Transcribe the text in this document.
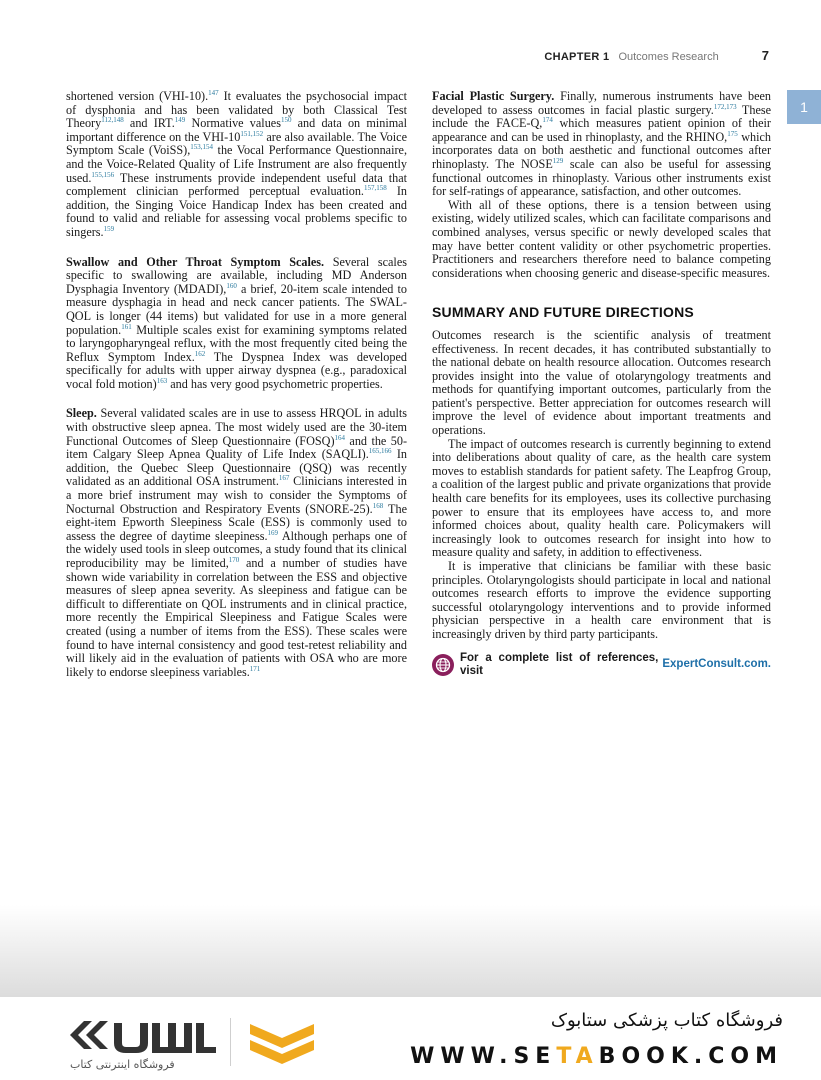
CHAPTER 1 Outcomes Research	7
1

shortened version (VHI-10).$^{147}$ It evaluates the psychosocial impact of dysphonia and has been validated by both Classical Test Theory$^{112,148}$ and IRT.$^{149}$ Normative values$^{150}$ and data on minimal important difference on the VHI-10$^{151,152}$ are also available. The Voice Symptom Scale (VoiSS),$^{153,154}$ the Vocal Performance Questionnaire, and the Voice-Related Quality of Life Instrument are also frequently used.$^{155,156}$ These instruments provide independent useful data that complement clinician performed perceptual evaluation.$^{157,158}$ In addition, the Singing Voice Handicap Index has been created and found to valid and reliable for assessing vocal problems specific to singers.$^{159}$

Swallow and Other Throat Symptom Scales. Several scales specific to swallowing are available, including MD Anderson Dysphagia Inventory (MDADI),$^{160}$ a brief, 20-item scale intended to measure dysphagia in head and neck cancer patients. The SWAL-QOL is longer (44 items) but validated for use in a more general population.$^{161}$ Multiple scales exist for examining symptoms related to laryngopharyngeal reflux, with the most frequently cited being the Reflux Symptom Index.$^{162}$ The Dyspnea Index was developed specifically for adults with upper airway dyspnea (e.g., paradoxical vocal fold motion)$^{163}$ and has very good psychometric properties.

Sleep. Several validated scales are in use to assess HRQOL in adults with obstructive sleep apnea. The most widely used are the 30-item Functional Outcomes of Sleep Questionnaire (FOSQ)$^{164}$ and the 50-item Calgary Sleep Apnea Quality of Life Index (SAQLI).$^{165,166}$ In addition, the Quebec Sleep Questionnaire (QSQ) was recently validated as an additional OSA instrument.$^{167}$ Clinicians interested in a more brief instrument may wish to consider the Symptoms of Nocturnal Obstruction and Respiratory Events (SNORE-25).$^{168}$ The eight-item Epworth Sleepiness Scale (ESS) is commonly used to assess the degree of daytime sleepiness.$^{169}$ Although perhaps one of the widely used tools in sleep outcomes, a study found that its clinical reproducibility may be limited,$^{170}$ and a number of studies have shown wide variability in correlation between the ESS and objective measures of sleep apnea severity. As sleepiness and fatigue can be difficult to differentiate on QOL instruments and in clinical practice, more recently the Empirical Sleepiness and Fatigue Scales were created (using a number of items from the ESS). These scales were found to have internal consistency and good test-retest reliability and will likely aid in the evaluation of patients with OSA who are more likely to endorse sleepiness variables.$^{171}$

Facial Plastic Surgery. Finally, numerous instruments have been developed to assess outcomes in facial plastic surgery.$^{172,173}$ These include the FACE-Q,$^{174}$ which measures patient opinion of their appearance and can be used in rhinoplasty, and the RHINO,$^{175}$ which incorporates data on both aesthetic and functional outcomes after rhinoplasty. The NOSE$^{129}$ scale can also be useful for assessing functional outcomes in rhinoplasty. Various other instruments exist for self-ratings of appearance, satisfaction, and other outcomes.

With all of these options, there is a tension between using existing, widely utilized scales, which can facilitate comparisons and combined analyses, versus specific or newly developed scales that may have better content validity or other psychometric properties. Practitioners and researchers therefore need to balance competing considerations when choosing generic and disease-specific measures.

SUMMARY AND FUTURE DIRECTIONS

Outcomes research is the scientific analysis of treatment effectiveness. In recent decades, it has contributed substantially to the national debate on health resource allocation. Outcomes research provides insight into the value of otolaryngology treatments and methods for quantifying important outcomes, particularly from the patient's perspective. Better appreciation for outcomes research will improve the level of evidence about important treatments and operations.

The impact of outcomes research is currently beginning to extend into deliberations about quality of care, as the health care system moves to establish standards for patient safety. The Leapfrog Group, a coalition of the largest public and private organizations that provide health care benefits for its employees, uses its collective purchasing power to ensure that its employees have access to, and more informed choices about, quality health care. Policymakers will increasingly look to outcomes research for insight into how to measure quality and safety, in addition to effectiveness.

It is imperative that clinicians be familiar with these basic principles. Otolaryngologists should participate in local and national outcomes research efforts to improve the evidence supporting successful otolaryngology interventions and to provide informed physician perspective in a health care environment that is increasingly driven by third party participants.

For a complete list of references, visit
ExpertConsult.com.
فروشگاه اینترنتی کتاب
فروشگاه کتاب پزشکی ستابوک
WWW.SETABOOK.COM
